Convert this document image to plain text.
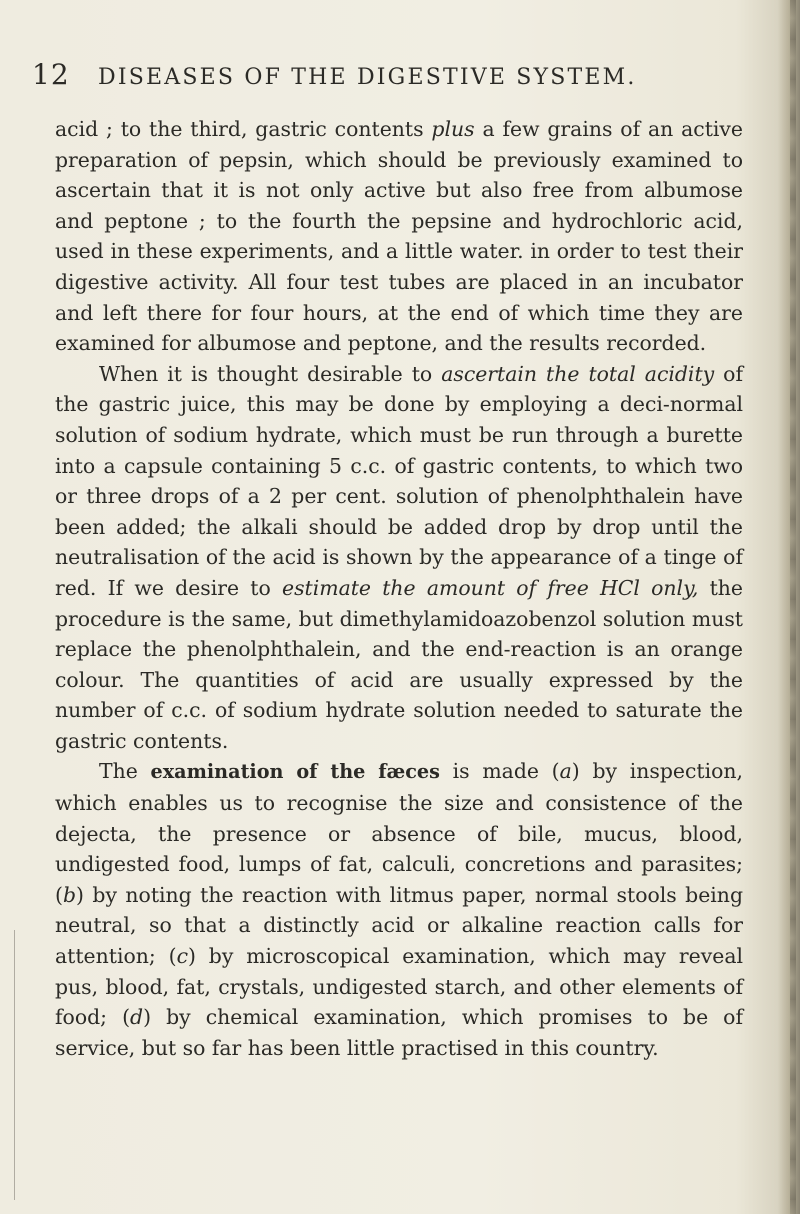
12 DISEASES OF THE DIGESTIVE SYSTEM.

acid ; to the third, gastric contents plus a few grains of an active preparation of pepsin, which should be previously examined to ascertain that it is not only active but also free from albumose and peptone ; to the fourth the pepsine and hydrochloric acid, used in these experiments, and a little water. in order to test their digestive activity. All four test tubes are placed in an incubator and left there for four hours, at the end of which time they are examined for albumose and peptone, and the results recorded.

When it is thought desirable to ascertain the total acidity of the gastric juice, this may be done by employing a deci-normal solution of sodium hydrate, which must be run through a burette into a capsule containing 5 c.c. of gastric contents, to which two or three drops of a 2 per cent. solution of phenolphthalein have been added; the alkali should be added drop by drop until the neutralisation of the acid is shown by the appearance of a tinge of red. If we desire to estimate the amount of free HCl only, the procedure is the same, but dimethylamidoazobenzol solution must replace the phenolphthalein, and the end-reaction is an orange colour. The quantities of acid are usually expressed by the number of c.c. of sodium hydrate solution needed to saturate the gastric contents.

The examination of the fæces is made (a) by inspection, which enables us to recognise the size and consistence of the dejecta, the presence or absence of bile, mucus, blood, undigested food, lumps of fat, calculi, concretions and parasites; (b) by noting the reaction with litmus paper, normal stools being neutral, so that a distinctly acid or alkaline reaction calls for attention; (c) by microscopical examination, which may reveal pus, blood, fat, crystals, undigested starch, and other elements of food; (d) by chemical examination, which promises to be of service, but so far has been little practised in this country.
